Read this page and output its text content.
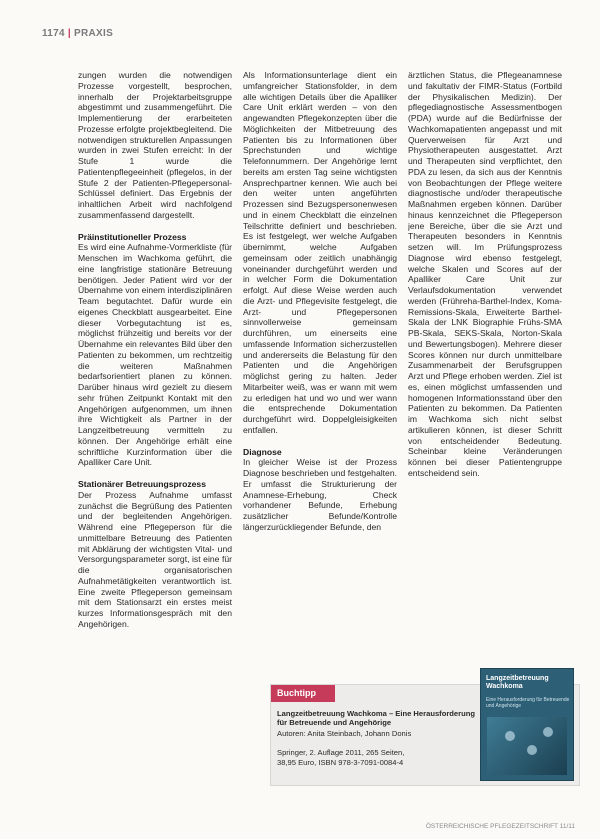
1174 | PRAXIS

zungen wurden die notwendigen Prozesse vorgestellt, besprochen, innerhalb der Projektarbeitsgruppe abgestimmt und zusammengeführt. Die Implementierung der erarbeiteten Prozesse erfolgte projektbegleitend. Die notwendigen strukturellen Anpassungen wurden in zwei Stufen erreicht: In der Stufe 1 wurde die Patientenpflegeeinheit (pflegelos, in der Stufe 2 der Patienten-Pflegepersonal-Schlüssel definiert. Das Ergebnis der inhaltlichen Arbeit wird nachfolgend zusammenfassend dargestellt.

Präinstitutioneller Prozess

Es wird eine Aufnahme-Vormerkliste (für Menschen im Wachkoma geführt, die eine langfristige stationäre Betreuung benötigen. Jeder Patient wird vor der Übernahme von einem interdisziplinären Team begutachtet. Dafür wurde ein eigenes Checkblatt ausgearbeitet. Eine dieser Vorbegutachtung ist es, möglichst frühzeitig und bereits vor der Übernahme ein relevantes Bild über den Patienten zu bekommen, um rechtzeitig die weiteren Maßnahmen bedarfsorientiert planen zu können. Darüber hinaus wird gezielt zu diesem sehr frühen Zeitpunkt Kontakt mit den Angehörigen aufgenommen, um ihnen ihre Wichtigkeit als Partner in der Langzeitbetreuung vermitteln zu können. Der Angehörige erhält eine schriftliche Kurzinformation über die Apalliker Care Unit.

Stationärer Betreuungsprozess

Der Prozess Aufnahme umfasst zunächst die Begrüßung des Patienten und der begleitenden Angehörigen. Während eine Pflegeperson für die unmittelbare Betreuung des Patienten mit Abklärung der wichtigsten Vital- und Versorgungsparameter sorgt, ist eine für die organisatorischen Aufnahmetätigkeiten verantwortlich ist. Eine zweite Pflegeperson gemeinsam mit dem Stationsarzt ein erstes meist kurzes Informationsgespräch mit den Angehörigen.

Als Informationsunterlage dient ein umfangreicher Stationsfolder, in dem alle wichtigen Details über die Apalliker Care Unit erklärt werden – von den angewandten Pflegekonzepten über die Möglichkeiten der Mitbetreuung des Patienten bis zu Informationen über Sprechstunden und wichtige Telefonnummern. Der Angehörige lernt bereits am ersten Tag seine wichtigsten Ansprechpartner kennen. Wie auch bei den weiter unten angeführten Prozessen sind Bezugspersonenwesen und in einem Checkblatt die einzelnen Teilschritte definiert und beschrieben. Es ist festgelegt, wer welche Aufgaben übernimmt, welche Aufgaben gemeinsam oder zeitlich unabhängig voneinander durchgeführt werden und in welcher Form die Dokumentation erfolgt. Auf diese Weise werden auch die Arzt- und Pflegevisite festgelegt, die Arzt- und Pflegepersonen sinnvollerweise gemeinsam durchführen, um einerseits eine umfassende Information sicherzustellen und andererseits die Belastung für den Patienten und die Angehörigen möglichst gering zu halten. Jeder Mitarbeiter weiß, was er wann mit wem zu erledigen hat und wo und wer wann die entsprechende Dokumentation durchgeführt wird. Doppelgleisigkeiten entfallen.

Diagnose

In gleicher Weise ist der Prozess Diagnose beschrieben und festgehalten. Er umfasst die Strukturierung der Anamnese-Erhebung, Check vorhandener Befunde, Erhebung zusätzlicher Befunde/Kontrolle längerzurückliegender Befunde, den

ärztlichen Status, die Pflegeanamnese und fakultativ der FIMR-Status (Fortbild der Physikalischen Medizin). Der pflegediagnostische Assessmentbogen (PDA) wurde auf die Bedürfnisse der Wachkomapatienten angepasst und mit Querverweisen für Arzt und Physiotherapeuten ausgestattet. Arzt und Therapeuten sind verpflichtet, den PDA zu lesen, da sich aus der Kenntnis von Beobachtungen der Pflege weitere diagnostische und/oder therapeutische Maßnahmen ergeben können. Darüber hinaus kennzeichnet die Pflegeperson jene Bereiche, über die sie Arzt und Therapeuten besonders in Kenntnis setzen will. Im Prüfungsprozess Diagnose wird ebenso festgelegt, welche Skalen und Scores auf der Apalliker Care Unit zur Verlaufsdokumentation verwendet werden (Frühreha-Barthel-Index, Koma-Remissions-Skala, Erweiterte Barthel-Skala der LNK Biographie Frühs-SMA PB-Skala, SEKS-Skala, Norton-Skala und Bewertungsbogen). Mehrere dieser Scores können nur durch unmittelbare Zusammenarbeit der Berufsgruppen Arzt und Pflege erhoben werden. Ziel ist es, einen möglichst umfassenden und homogenen Informationsstand über den Patienten zu bekommen. Da Patienten im Wachkoma sich nicht selbst artikulieren können, ist dieser Schritt von entscheidender Bedeutung. Scheinbar kleine Veränderungen können bei dieser Patientengruppe entscheidend sein.

Buchtipp
Langzeitbetreuung Wachkoma – Eine Herausforderung für Betreuende und Angehörige
Autoren: Anita Steinbach, Johann Donis
Springer, 2. Auflage 2011, 265 Seiten,
38,95 Euro, ISBN 978-3-7091-0084-4
Langzeitbetreuung Wachkoma
Eine Herausforderung für Betreuende und Angehörige
ÖSTERREICHISCHE PFLEGEZEITSCHRIFT 11/11
